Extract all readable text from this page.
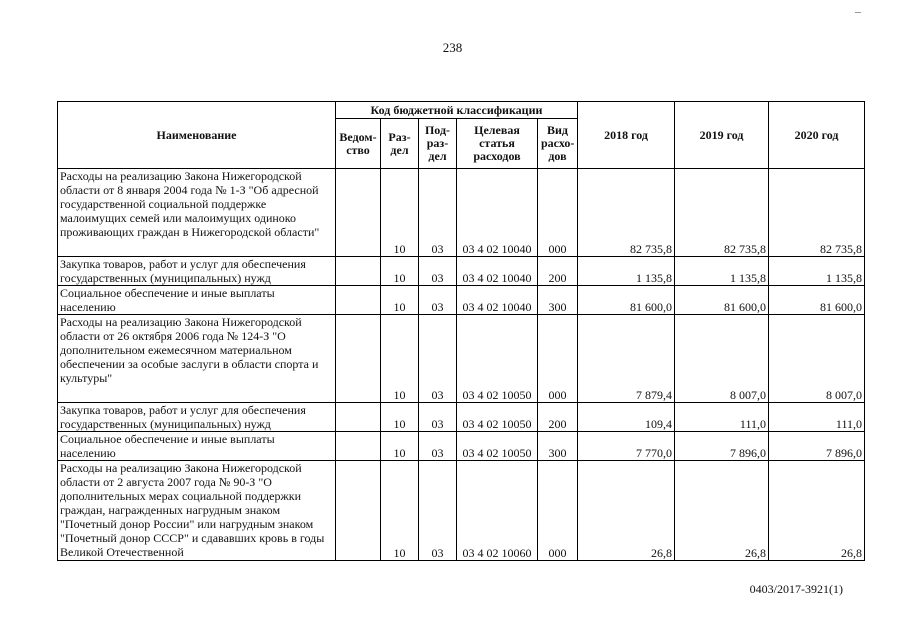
238
Наименование	Код бюджетной классификации					2018 год	2019 год	2020 год
	Ведом-ство	Раз-дел	Под-раз-дел	Целевая статья расходов	Вид расхо-дов			
Расходы на реализацию Закона Нижегородской области от 8 января 2004 года № 1-З "Об адресной государственной социальной поддержке малоимущих семей или малоимущих одиноко проживающих граждан в Нижегородской области"		10	03	03 4 02 10040	000	82 735,8	82 735,8	82 735,8
Закупка товаров, работ и услуг для обеспечения государственных (муниципальных) нужд		10	03	03 4 02 10040	200	1 135,8	1 135,8	1 135,8
Социальное обеспечение и иные выплаты населению		10	03	03 4 02 10040	300	81 600,0	81 600,0	81 600,0
Расходы на реализацию Закона Нижегородской области от 26 октября 2006 года № 124-З "О дополнительном ежемесячном материальном обеспечении за особые заслуги в области спорта и культуры"		10	03	03 4 02 10050	000	7 879,4	8 007,0	8 007,0
Закупка товаров, работ и услуг для обеспечения государственных (муниципальных) нужд		10	03	03 4 02 10050	200	109,4	111,0	111,0
Социальное обеспечение и иные выплаты населению		10	03	03 4 02 10050	300	7 770,0	7 896,0	7 896,0
Расходы на реализацию Закона Нижегородской области от 2 августа 2007 года № 90-З "О дополнительных мерах социальной поддержки граждан, награжденных нагрудным знаком "Почетный донор России" или нагрудным знаком "Почетный донор СССР" и сдававших кровь в годы Великой Отечественной		10	03	03 4 02 10060	000	26,8	26,8	26,8
0403/2017-3921(1)
